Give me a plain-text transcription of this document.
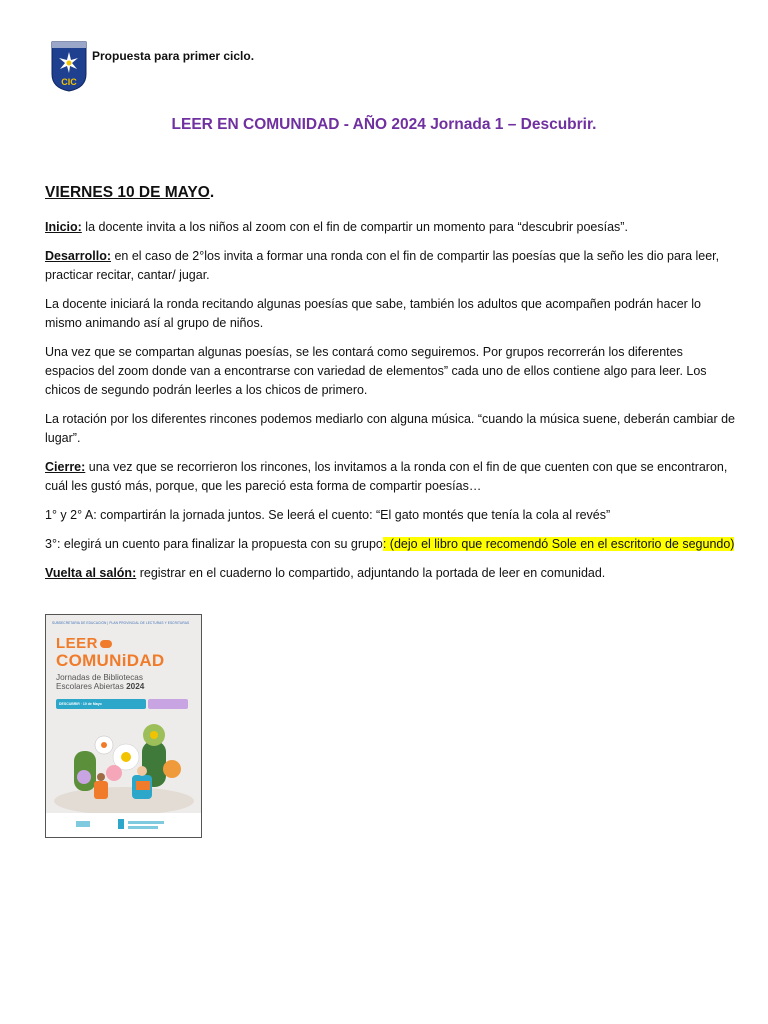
CIC
Propuesta para primer ciclo.
LEER EN COMUNIDAD - AÑO 2024 Jornada 1 – Descubrir.
VIERNES 10 DE MAYO.

Inicio: la docente invita a los niños al zoom con el fin de compartir un momento para “descubrir poesías”.

Desarrollo: en el caso de 2°los invita a formar una ronda con el fin de compartir las poesías que la seño les dio para leer, practicar recitar, cantar/ jugar.

La docente iniciará la ronda recitando algunas poesías que sabe, también los adultos que acompañen podrán hacer lo mismo animando así al grupo de niños.

Una vez que se compartan algunas poesías, se les contará como seguiremos. Por grupos recorrerán los diferentes espacios del zoom donde van a encontrarse con variedad de elementos” cada uno de ellos contiene algo para leer. Los chicos de segundo podrán leerles a los chicos de primero.

La rotación por los diferentes rincones podemos mediarlo con alguna música. “cuando la música suene, deberán cambiar de lugar”.

Cierre: una vez que se recorrieron los rincones, los invitamos a la ronda con el fin de que cuenten con que se encontraron, cuál les gustó más, porque, que les pareció esta forma de compartir poesías…

1° y 2° A: compartirán la jornada juntos. Se leerá el cuento: “El gato montés que tenía la cola al revés”

3°: elegirá un cuento para finalizar la propuesta con su grupo: (dejo el libro que recomendó Sole en el escritorio de segundo)

Vuelta al salón: registrar en el cuaderno lo compartido, adjuntando la portada de leer en comunidad.

SUBSECRETARÍA DE EDUCACIÓN | PLAN PROVINCIAL DE LECTURAS Y ESCRITURAS
LEER
COMUNiDAD
Jornadas de Bibliotecas
Escolares Abiertas 2024
DESCUBRIR · 10 de Mayo
